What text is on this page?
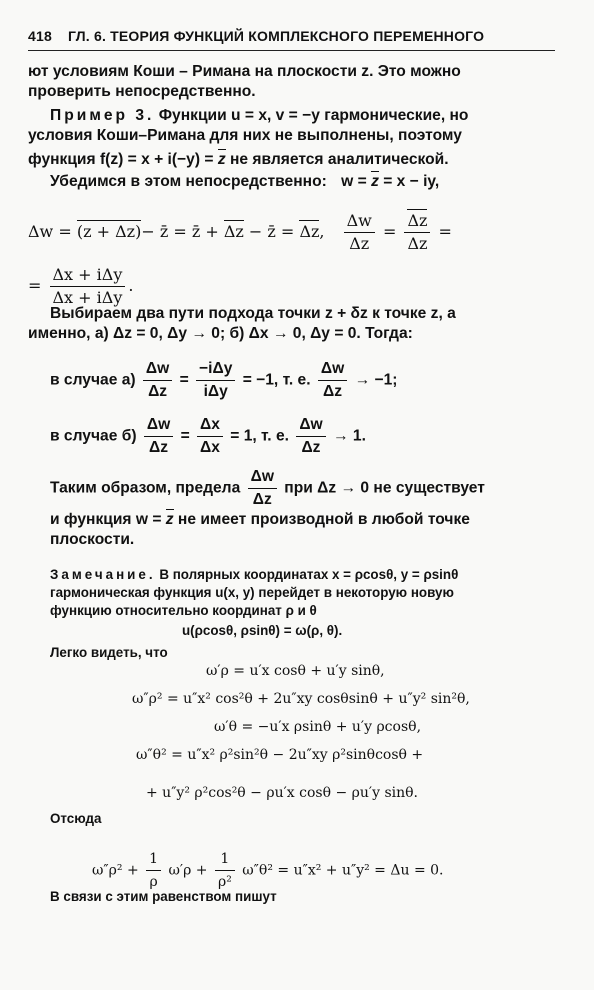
418 ГЛ. 6. ТЕОРИЯ ФУНКЦИЙ КОМПЛЕКСНОГО ПЕРЕМЕННОГО
ют условиям Коши – Римана на плоскости z. Это можно
проверить непосредственно.
Пример 3. Функции u = x, v = −y гармонические, но
условия Коши–Римана для них не выполнены, поэтому
функция f(z) = x + i(−y) = z не является аналитической.
Убедимся в этом непосредственно: w = z = x − iy,
Δw = (z + Δz)− z̄ = z̄ + Δz − z̄ = Δz, $\frac{\Delta w}{\Delta z} = \frac{\Delta z}{\Delta z}$ =
= $\frac{\text{Δx + iΔy}}{\text{Δx + iΔy}}$ .
Выбираем два пути подхода точки z + δz к точке z, а
именно, а) Δz = 0, Δy → 0; б) Δx → 0, Δy = 0. Тогда:
в случае $а) \frac{\Delta w}{\Delta z} = \frac{\text{−iΔy}}{\text{iΔy}} = -1$, т. е. $\frac{\Delta w}{\Delta z} \to -1$;
в случае $б) \frac{\Delta w}{\Delta z} = \frac{\Delta x}{\Delta x} = 1$, т. е. $\frac{\Delta w}{\Delta z} \to 1$.
Таким образом, предела $\frac{\Delta w}{\Delta z}$ при Δz → 0 не существует
и функция w = z не имеет производной в любой точке
плоскости.
Замечание. В полярных координатах x = ρcosθ, y = ρsinθ
гармоническая функция u(x, y) перейдет в некоторую новую
функцию относительно координат ρ и θ
u(ρcosθ, ρsinθ) = ω(ρ, θ).
Легко видеть, что
ω′ρ = u′x cosθ + u′y sinθ,
ω″ρ² = u″x² cos²θ + 2u″xy cosθsinθ + u″y² sin²θ,
ω′θ = −u′x ρsinθ + u′y ρcosθ,
ω″θ² = u″x² ρ²sin²θ − 2u″xy ρ²sinθcosθ +
+ u″y² ρ²cos²θ − ρu′x cosθ − ρu′y sinθ.
Отсюда
$\omega''\rho^2 + \frac{1}{\rho} \omega'\rho + \frac{1}{\text{ρ²}} \omega''\theta^2 = u''x^2 + u''y^2 = \Delta u = 0$.
В связи с этим равенством пишут
